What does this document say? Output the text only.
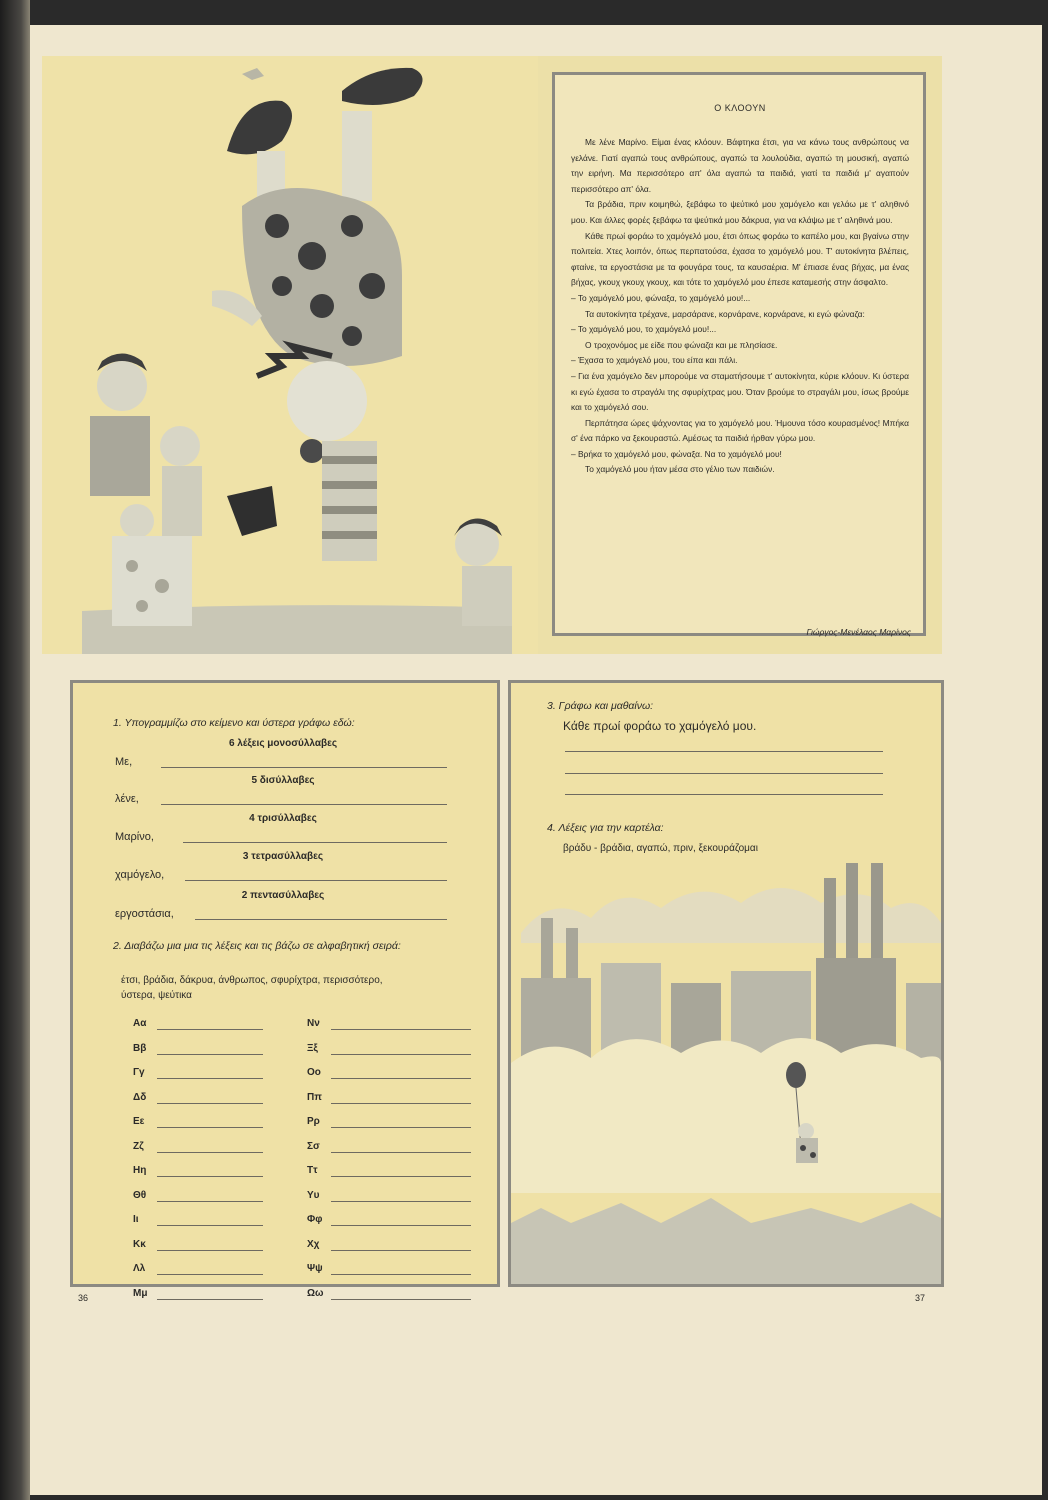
Ο ΚΛΟΟΥΝ

Με λένε Μαρίνο. Είμαι ένας κλόουν. Βάφτηκα έτσι, για να κάνω τους ανθρώπους να γελάνε. Γιατί αγαπώ τους ανθρώπους, αγαπώ τα λουλούδια, αγαπώ τη μουσική, αγαπώ την ειρήνη. Μα περισσότερο απ' όλα αγαπώ τα παιδιά, γιατί τα παιδιά μ' αγαπούν περισσότερο απ' όλα.

Τα βράδια, πριν κοιμηθώ, ξεβάφω το ψεύτικό μου χαμόγελο και γελάω με τ' αληθινό μου. Και άλλες φορές ξεβάφω τα ψεύτικά μου δάκρυα, για να κλάψω με τ' αληθινά μου.

Κάθε πρωί φοράω το χαμόγελό μου, έτσι όπως φοράω το καπέλο μου, και βγαίνω στην πολιτεία. Χτες λοιπόν, όπως περπατούσα, έχασα το χαμόγελό μου. Τ' αυτοκίνητα βλέπεις, φταίνε, τα εργοστάσια με τα φουγάρα τους, τα καυσαέρια. Μ' έπιασε ένας βήχας, μα ένας βήχας, γκουχ γκουχ γκουχ, και τότε το χαμόγελό μου έπεσε καταμεσής στην άσφαλτο.

– Το χαμόγελό μου, φώναξα, το χαμόγελό μου!...

Τα αυτοκίνητα τρέχανε, μαρσάρανε, κορνάρανε, κορνάρανε, κι εγώ φώναζα:

– Το χαμόγελό μου, το χαμόγελό μου!...

Ο τροχονόμος με είδε που φώναζα και με πλησίασε.

– Έχασα το χαμόγελό μου, του είπα και πάλι.

– Για ένα χαμόγελο δεν μπορούμε να σταματήσουμε τ' αυτοκίνητα, κύριε κλόουν. Κι ύστερα κι εγώ έχασα το στραγάλι της σφυρίχτρας μου. Όταν βρούμε το στραγάλι μου, ίσως βρούμε και το χαμόγελό σου.

Περπάτησα ώρες ψάχνοντας για το χαμόγελό μου. Ήμουνα τόσο κουρασμένος! Μπήκα σ' ένα πάρκο να ξεκουραστώ. Αμέσως τα παιδιά ήρθαν γύρω μου.

– Βρήκα το χαμόγελό μου, φώναξα. Να το χαμόγελό μου!

Το χαμόγελό μου ήταν μέσα στο γέλιο των παιδιών.

Γιώργος-Μενέλαος Μαρίνος
1. Υπογραμμίζω στο κείμενο και ύστερα γράφω εδώ:
6 λέξεις μονοσύλλαβες
Με,
5 δισύλλαβες
λένε,
4 τρισύλλαβες
Μαρίνο,
3 τετρασύλλαβες
χαμόγελο,
2 πεντασύλλαβες
εργοστάσια,
2. Διαβάζω μια μια τις λέξεις και τις βάζω σε αλφαβητική σειρά:
έτσι, βράδια, δάκρυα, άνθρωπος, σφυρίχτρα, περισσότερο,
ύστερα, ψεύτικα
Αα
Ββ
Γγ
Δδ
Εε
Ζζ
Ηη
Θθ
Ιι
Κκ
Λλ
Μμ
Νν
Ξξ
Οο
Ππ
Ρρ
Σσ
Ττ
Υυ
Φφ
Χχ
Ψψ
Ωω
36
3. Γράφω και μαθαίνω:
Κάθε πρωί φοράω το χαμόγελό μου.
4. Λέξεις για την καρτέλα:
βράδυ - βράδια, αγαπώ, πριν, ξεκουράζομαι
37
